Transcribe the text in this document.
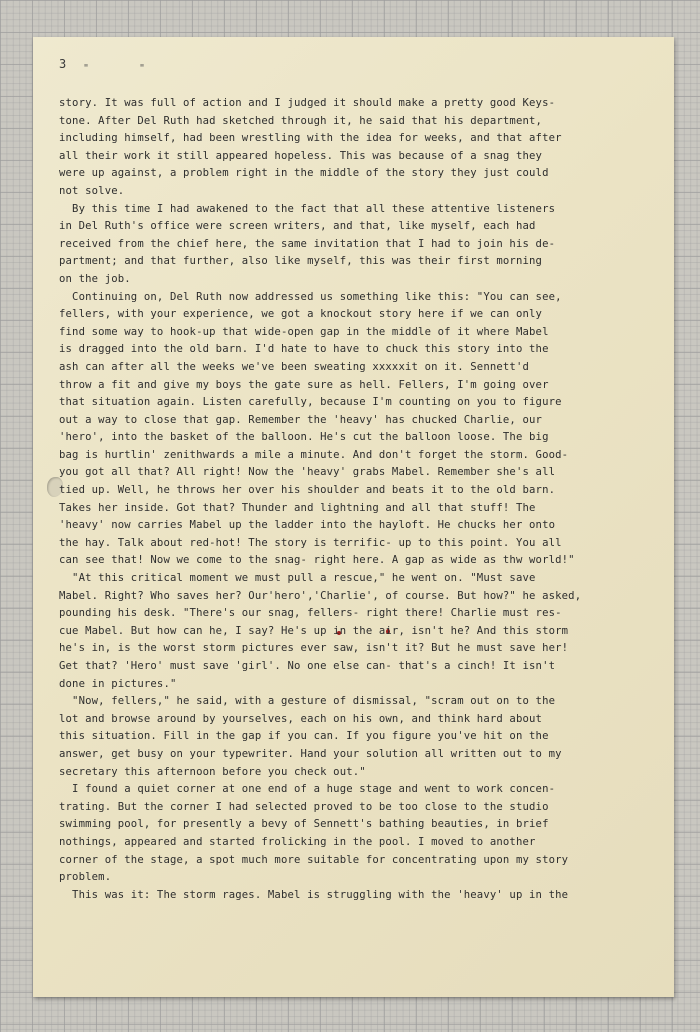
3 " "
story. It was full of action and I judged it should make a pretty good Keys-
tone. After Del Ruth had sketched through it, he said that his department,
including himself, had been wrestling with the idea for weeks, and that after
all their work it still appeared hopeless. This was because of a snag they
were up against, a problem right in the middle of the story they just could
not solve.
By this time I had awakened to the fact that all these attentive listeners
in Del Ruth's office were screen writers, and that, like myself, each had
received from the chief here, the same invitation that I had to join his de-
partment; and that further, also like myself, this was their first morning
on the job.
Continuing on, Del Ruth now addressed us something like this: "You can see,
fellers, with your experience, we got a knockout story here if we can only
find some way to hook-up that wide-open gap in the middle of it where Mabel
is dragged into the old barn. I'd hate to have to chuck this story into the
ash can after all the weeks we've been sweating xxxxxit on it. Sennett'd
throw a fit and give my boys the gate sure as hell. Fellers, I'm going over
that situation again. Listen carefully, because I'm counting on you to figure
out a way to close that gap. Remember the 'heavy' has chucked Charlie, our
'hero', into the basket of the balloon. He's cut the balloon loose. The big
bag is hurtlin' zenithwards a mile a minute. And don't forget the storm. Good-
you got all that? All right! Now the 'heavy' grabs Mabel. Remember she's all
tied up. Well, he throws her over his shoulder and beats it to the old barn.
Takes her inside. Got that? Thunder and lightning and all that stuff! The
'heavy' now carries Mabel up the ladder into the hayloft. He chucks her onto
the hay. Talk about red-hot! The story is terrific- up to this point. You all
can see that! Now we come to the snag- right here. A gap as wide as thw world!"
"At this critical moment we must pull a rescue," he went on. "Must save
Mabel. Right? Who saves her? Our'hero','Charlie', of course. But how?" he asked,
pounding his desk. "There's our snag, fellers- right there! Charlie must res-
cue Mabel. But how can he, I say? He's up in the air, isn't he? And this storm
he's in, is the worst storm pictures ever saw, isn't it? But he must save her!
Get that? 'Hero' must save 'girl'. No one else can- that's a cinch! It isn't
done in pictures."
"Now, fellers," he said, with a gesture of dismissal, "scram out on to the
lot and browse around by yourselves, each on his own, and think hard about
this situation. Fill in the gap if you can. If you figure you've hit on the
answer, get busy on your typewriter. Hand your solution all written out to my
secretary this afternoon before you check out."
I found a quiet corner at one end of a huge stage and went to work concen-
trating. But the corner I had selected proved to be too close to the studio
swimming pool, for presently a bevy of Sennett's bathing beauties, in brief
nothings, appeared and started frolicking in the pool. I moved to another
corner of the stage, a spot much more suitable for concentrating upon my story
problem.
This was it: The storm rages. Mabel is struggling with the 'heavy' up in the
